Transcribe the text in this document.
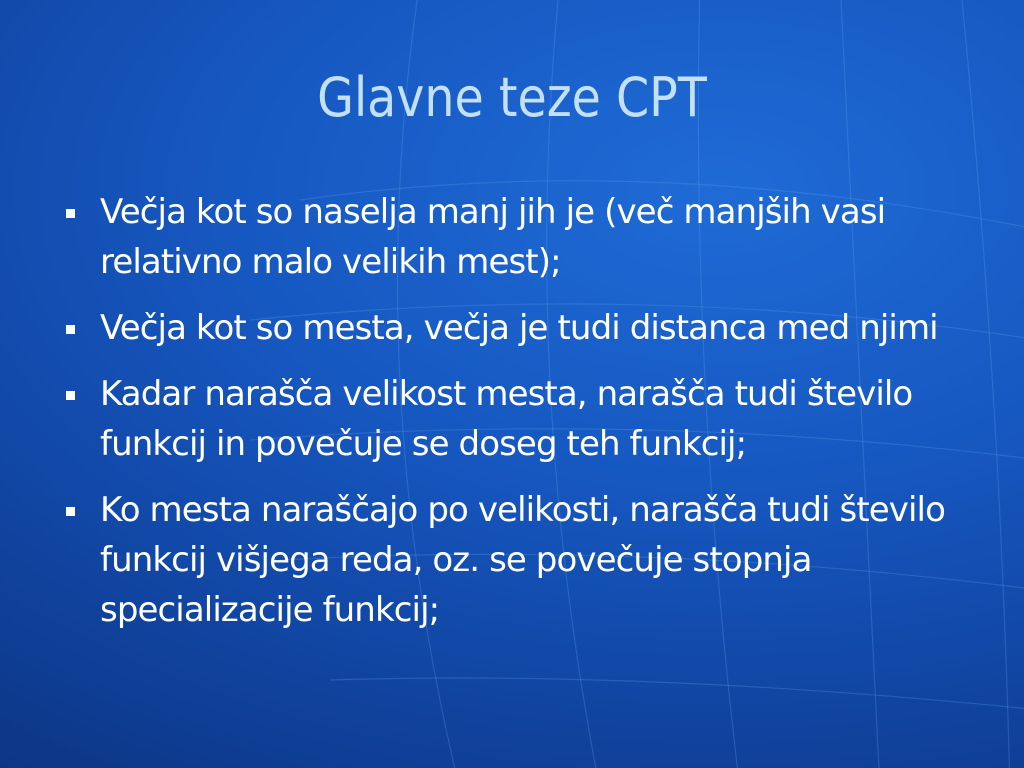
Glavne teze CPT
Večja kot so naselja manj jih je (več manjših vasi relativno malo velikih mest);
Večja kot so mesta, večja je tudi distanca med njimi
Kadar narašča velikost mesta, narašča tudi število funkcij in povečuje se doseg teh funkcij;
Ko mesta naraščajo po velikosti, narašča tudi število funkcij višjega reda, oz. se povečuje stopnja specializacije funkcij;
